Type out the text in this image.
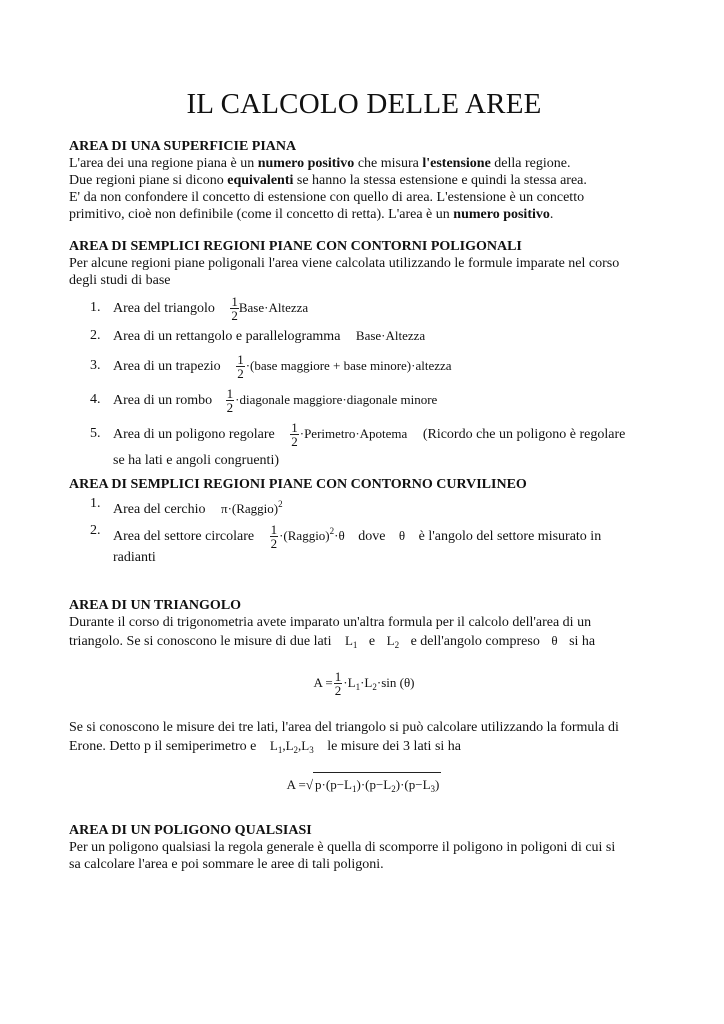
IL CALCOLO DELLE AREE
AREA DI UNA SUPERFICIE PIANA
L'area dei una regione piana è un numero positivo che misura l'estensione della regione.
Due regioni piane si dicono equivalenti se hanno la stessa estensione e quindi la stessa area.
E' da non confondere il concetto di estensione con quello di area. L'estensione è un concetto
primitivo, cioè non definibile (come il concetto di retta). L'area è un numero positivo.
AREA DI SEMPLICI REGIONI PIANE CON CONTORNI POLIGONALI
Per alcune regioni piane poligonali l'area viene calcolata utilizzando le formule imparate nel corso
degli studi di base
1. Area del triangolo $\frac{1}{2}$ Base·Altezza
2. Area di un rettangolo e parallelogramma Base·Altezza
3. Area di un trapezio $\frac{1}{2}$ ·(base maggiore + base minore)·altezza
4. Area di un rombo $\frac{1}{2}$ ·diagonale maggiore·diagonale minore
5. Area di un poligono regolare $\frac{1}{2}$ ·Perimetro·Apotema (Ricordo che un poligono è regolare
se ha lati e angoli congruenti)
AREA DI SEMPLICI REGIONI PIANE CON CONTORNO CURVILINEO
1. Area del cerchio π·(Raggio)$^2$
2. Area del settore circolare $\frac{1}{2}$ ·(Raggio)$^2$·θ dove θ è l'angolo del settore misurato in
radianti
AREA DI UN TRIANGOLO
Durante il corso di trigonometria avete imparato un'altra formula per il calcolo dell'area di un
triangolo. Se si conoscono le misure di due lati $L_1$ e $L_2$ e dell'angolo compreso θ si ha
$A = \frac{1}{2} \cdot L_1\cdot L_2\cdot\sin$ (θ)
Se si conoscono le misure dei tre lati, l'area del triangolo si può calcolare utilizzando la formula di
Erone. Detto p il semiperimetro e $L_1,L_2,L_3$ le misure dei 3 lati si ha
A =√ $p\cdot(p-L_1)\cdot(p-L_2)\cdot(p-L_3)$
AREA DI UN POLIGONO QUALSIASI
Per un poligono qualsiasi la regola generale è quella di scomporre il poligono in poligoni di cui si
sa calcolare l'area e poi sommare le aree di tali poligoni.
